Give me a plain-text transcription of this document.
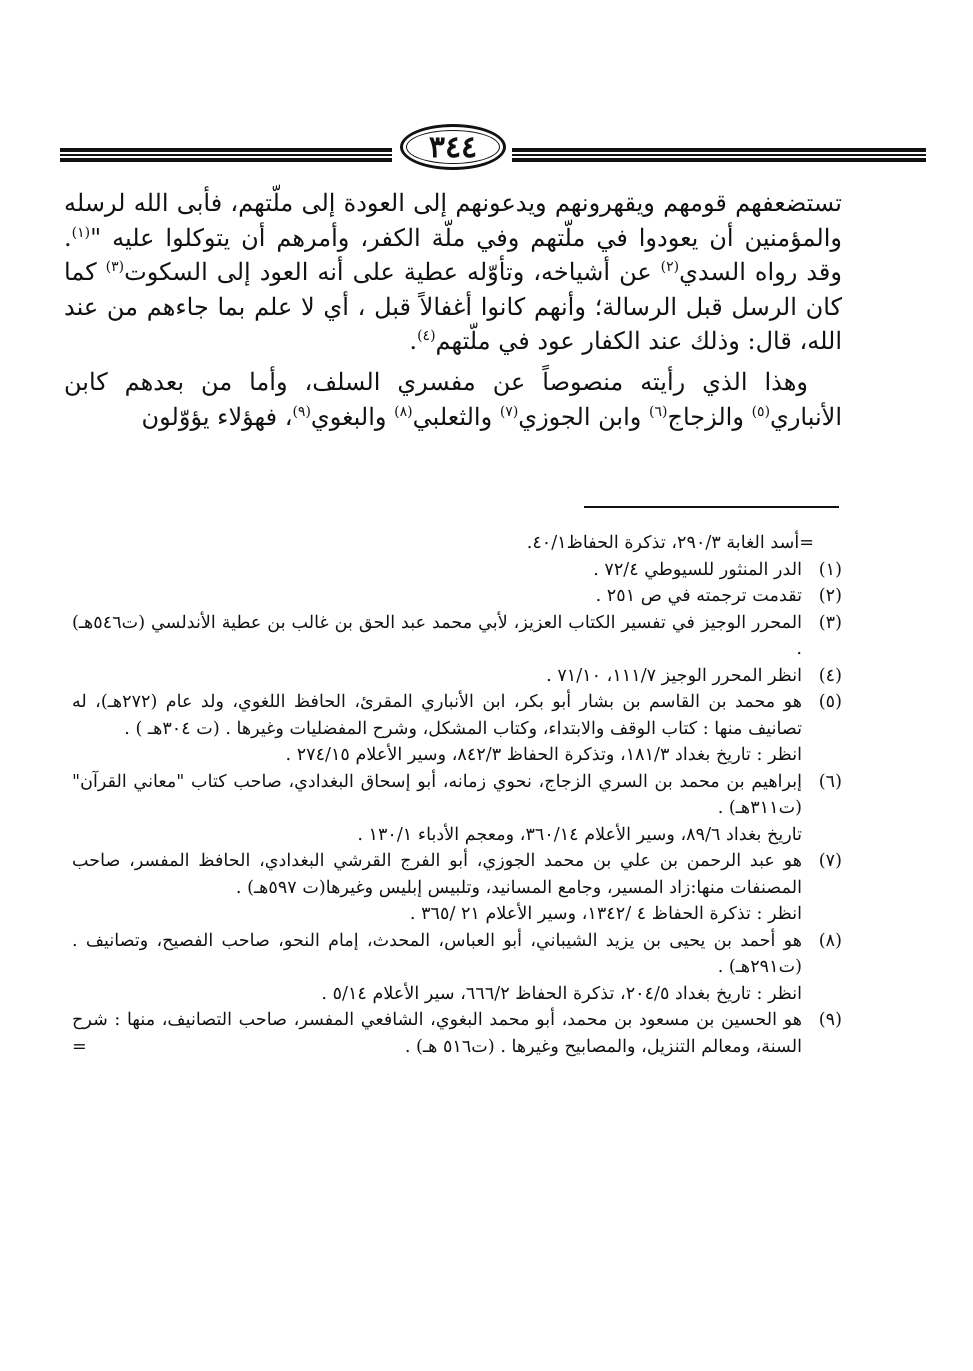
٣٤٤

تستضعفهم قومهم ويقهرونهم ويدعونهم إلى العودة إلى ملّتهم، فأبى الله لرسله والمؤمنين أن يعودوا في ملّتهم وفي ملّة الكفر، وأمرهم أن يتوكلوا عليه "$^{(١)}$. وقد رواه السدي$^{(٢)}$ عن أشياخه، وتأوّله عطية على أنه العود إلى السكوت$^{(٣)}$ كما كان الرسل قبل الرسالة؛ وأنهم كانوا أغفالاً قبل ، أي لا علم بما جاءهم من عند الله، قال: وذلك عند الكفار عود في ملّتهم$^{(٤)}$.

وهذا الذي رأيته منصوصاً عن مفسري السلف، وأما من بعدهم كابن الأنباري$^{(٥)}$ والزجاج$^{(٦)}$ وابن الجوزي$^{(٧)}$ والثعلبي$^{(٨)}$ والبغوي$^{(٩)}$، فهؤلاء يؤوّلون

=أسد الغابة ٢٩٠/٣، تذكرة الحفاظ٤٠/١.
(١)
الدر المنثور للسيوطي ٧٢/٤ .
(٢)
تقدمت ترجمته في ص ٢٥١ .
(٣)
المحرر الوجيز في تفسير الكتاب العزيز، لأبي محمد عبد الحق بن غالب بن عطية الأندلسي (ت٥٤٦هـ) .
(٤)
انظر المحرر الوجيز ١١١/٧، ٧١/١٠ .
(٥)
هو محمد بن القاسم بن بشار أبو بكر، ابن الأنباري المقرئ، الحافظ اللغوي، ولد عام (٢٧٢هـ)، له تصانيف منها : كتاب الوقف والابتداء، وكتاب المشكل، وشرح المفضليات وغيرها . (ت ٣٠٤هـ ) .
انظر : تاريخ بغداد ١٨١/٣، وتذكرة الحفاظ ٨٤٢/٣، وسير الأعلام ٢٧٤/١٥ .
(٦)
إبراهيم بن محمد بن السري الزجاج، نحوي زمانه، أبو إسحاق البغدادي، صاحب كتاب "معاني القرآن" (ت٣١١هـ) .
تاريخ بغداد ٨٩/٦، وسير الأعلام ٣٦٠/١٤، ومعجم الأدباء ١٣٠/١ .
(٧)
هو عبد الرحمن بن علي بن محمد الجوزي، أبو الفرج القرشي البغدادي، الحافظ المفسر، صاحب المصنفات منها:زاد المسير، وجامع المسانيد، وتلبيس إبليس وغيرها(ت ٥٩٧هـ) .
انظر : تذكرة الحفاظ ٤ /١٣٤٢، وسير الأعلام ٢١ /٣٦٥ .
(٨)
هو أحمد بن يحيى بن يزيد الشيباني، أبو العباس، المحدث، إمام النحو، صاحب الفصيح، وتصانيف . (ت٢٩١هـ) .
انظر : تاريخ بغداد ٢٠٤/٥، تذكرة الحفاظ ٦٦٦/٢، سير الأعلام ٥/١٤ .
(٩)
هو الحسين بن مسعود بن محمد، أبو محمد البغوي، الشافعي المفسر، صاحب التصانيف، منها : شرح السنة، ومعالم التنزيل، والمصابيح وغيرها . (ت٥١٦ هـ) .
=
